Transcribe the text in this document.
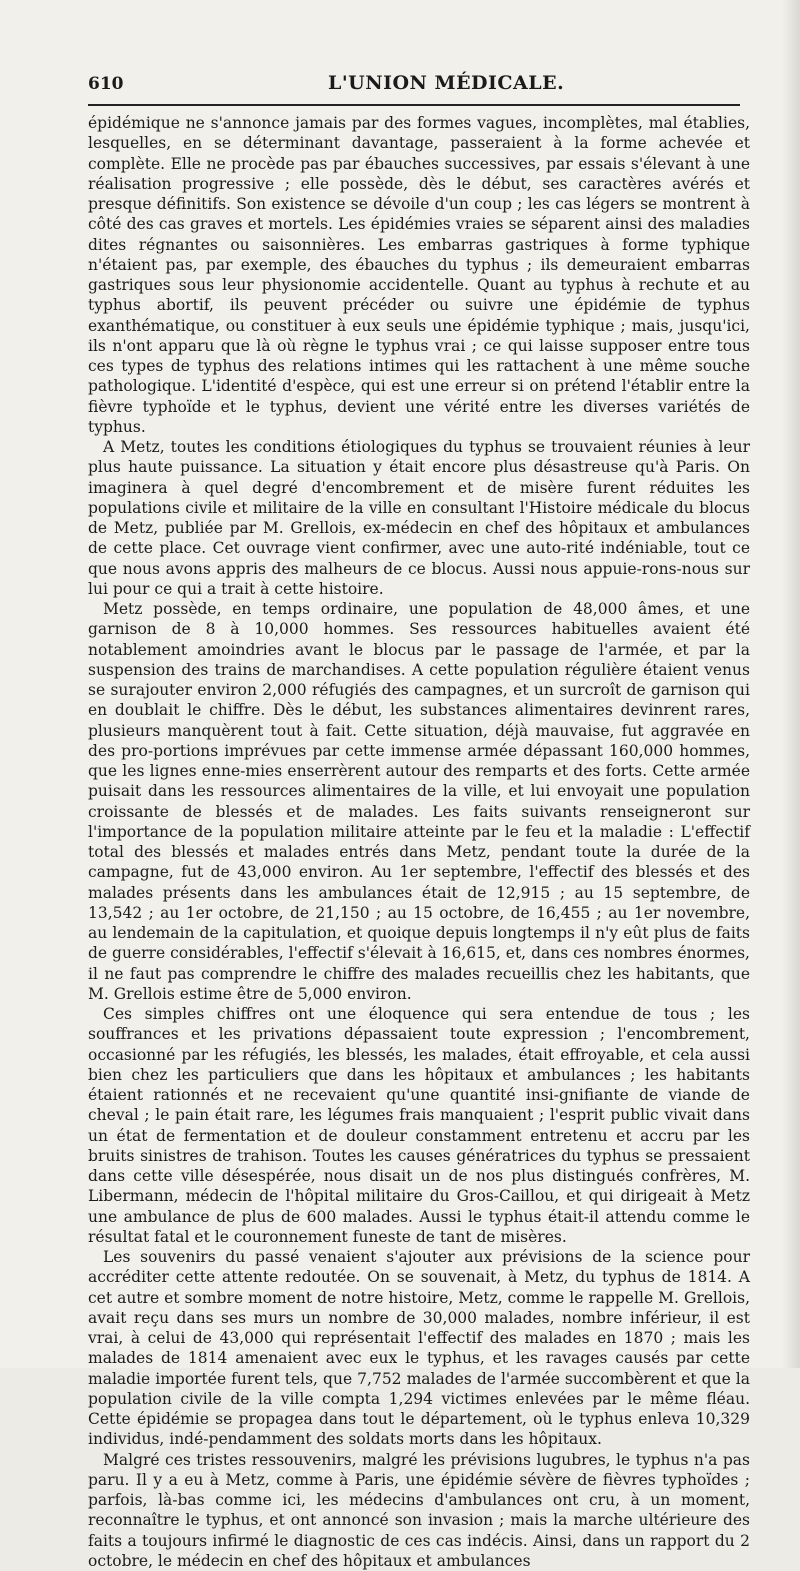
610	L'UNION MÉDICALE.

épidémique ne s'annonce jamais par des formes vagues, incomplètes, mal établies, lesquelles, en se déterminant davantage, passeraient à la forme achevée et complète. Elle ne procède pas par ébauches successives, par essais s'élevant à une réalisation progressive ; elle possède, dès le début, ses caractères avérés et presque définitifs. Son existence se dévoile d'un coup ; les cas légers se montrent à côté des cas graves et mortels. Les épidémies vraies se séparent ainsi des maladies dites régnantes ou saisonnières. Les embarras gastriques à forme typhique n'étaient pas, par exemple, des ébauches du typhus ; ils demeuraient embarras gastriques sous leur physionomie accidentelle. Quant au typhus à rechute et au typhus abortif, ils peuvent précéder ou suivre une épidémie de typhus exanthématique, ou constituer à eux seuls une épidémie typhique ; mais, jusqu'ici, ils n'ont apparu que là où règne le typhus vrai ; ce qui laisse supposer entre tous ces types de typhus des relations intimes qui les rattachent à une même souche pathologique. L'identité d'espèce, qui est une erreur si on prétend l'établir entre la fièvre typhoïde et le typhus, devient une vérité entre les diverses variétés de typhus.

A Metz, toutes les conditions étiologiques du typhus se trouvaient réunies à leur plus haute puissance. La situation y était encore plus désastreuse qu'à Paris. On imaginera à quel degré d'encombrement et de misère furent réduites les populations civile et militaire de la ville en consultant l'Histoire médicale du blocus de Metz, publiée par M. Grellois, ex-médecin en chef des hôpitaux et ambulances de cette place. Cet ouvrage vient confirmer, avec une auto-rité indéniable, tout ce que nous avons appris des malheurs de ce blocus. Aussi nous appuie-rons-nous sur lui pour ce qui a trait à cette histoire.

Metz possède, en temps ordinaire, une population de 48,000 âmes, et une garnison de 8 à 10,000 hommes. Ses ressources habituelles avaient été notablement amoindries avant le blocus par le passage de l'armée, et par la suspension des trains de marchandises. A cette population régulière étaient venus se surajouter environ 2,000 réfugiés des campagnes, et un surcroît de garnison qui en doublait le chiffre. Dès le début, les substances alimentaires devinrent rares, plusieurs manquèrent tout à fait. Cette situation, déjà mauvaise, fut aggravée en des pro-portions imprévues par cette immense armée dépassant 160,000 hommes, que les lignes enne-mies enserrèrent autour des remparts et des forts. Cette armée puisait dans les ressources alimentaires de la ville, et lui envoyait une population croissante de blessés et de malades. Les faits suivants renseigneront sur l'importance de la population militaire atteinte par le feu et la maladie : L'effectif total des blessés et malades entrés dans Metz, pendant toute la durée de la campagne, fut de 43,000 environ. Au 1er septembre, l'effectif des blessés et des malades présents dans les ambulances était de 12,915 ; au 15 septembre, de 13,542 ; au 1er octobre, de 21,150 ; au 15 octobre, de 16,455 ; au 1er novembre, au lendemain de la capitulation, et quoique depuis longtemps il n'y eût plus de faits de guerre considérables, l'effectif s'élevait à 16,615, et, dans ces nombres énormes, il ne faut pas comprendre le chiffre des malades recueillis chez les habitants, que M. Grellois estime être de 5,000 environ.

Ces simples chiffres ont une éloquence qui sera entendue de tous ; les souffrances et les privations dépassaient toute expression ; l'encombrement, occasionné par les réfugiés, les blessés, les malades, était effroyable, et cela aussi bien chez les particuliers que dans les hôpitaux et ambulances ; les habitants étaient rationnés et ne recevaient qu'une quantité insi-gnifiante de viande de cheval ; le pain était rare, les légumes frais manquaient ; l'esprit public vivait dans un état de fermentation et de douleur constamment entretenu et accru par les bruits sinistres de trahison. Toutes les causes génératrices du typhus se pressaient dans cette ville désespérée, nous disait un de nos plus distingués confrères, M. Libermann, médecin de l'hôpital militaire du Gros-Caillou, et qui dirigeait à Metz une ambulance de plus de 600 malades. Aussi le typhus était-il attendu comme le résultat fatal et le couronnement funeste de tant de misères.

Les souvenirs du passé venaient s'ajouter aux prévisions de la science pour accréditer cette attente redoutée. On se souvenait, à Metz, du typhus de 1814. A cet autre et sombre moment de notre histoire, Metz, comme le rappelle M. Grellois, avait reçu dans ses murs un nombre de 30,000 malades, nombre inférieur, il est vrai, à celui de 43,000 qui représentait l'effectif des malades en 1870 ; mais les malades de 1814 amenaient avec eux le typhus, et les ravages causés par cette maladie importée furent tels, que 7,752 malades de l'armée succombèrent et que la population civile de la ville compta 1,294 victimes enlevées par le même fléau. Cette épidémie se propagea dans tout le département, où le typhus enleva 10,329 individus, indé-pendamment des soldats morts dans les hôpitaux.

Malgré ces tristes ressouvenirs, malgré les prévisions lugubres, le typhus n'a pas paru. Il y a eu à Metz, comme à Paris, une épidémie sévère de fièvres typhoïdes ; parfois, là-bas comme ici, les médecins d'ambulances ont cru, à un moment, reconnaître le typhus, et ont annoncé son invasion ; mais la marche ultérieure des faits a toujours infirmé le diagnostic de ces cas indécis. Ainsi, dans un rapport du 2 octobre, le médecin en chef des hôpitaux et ambulances
